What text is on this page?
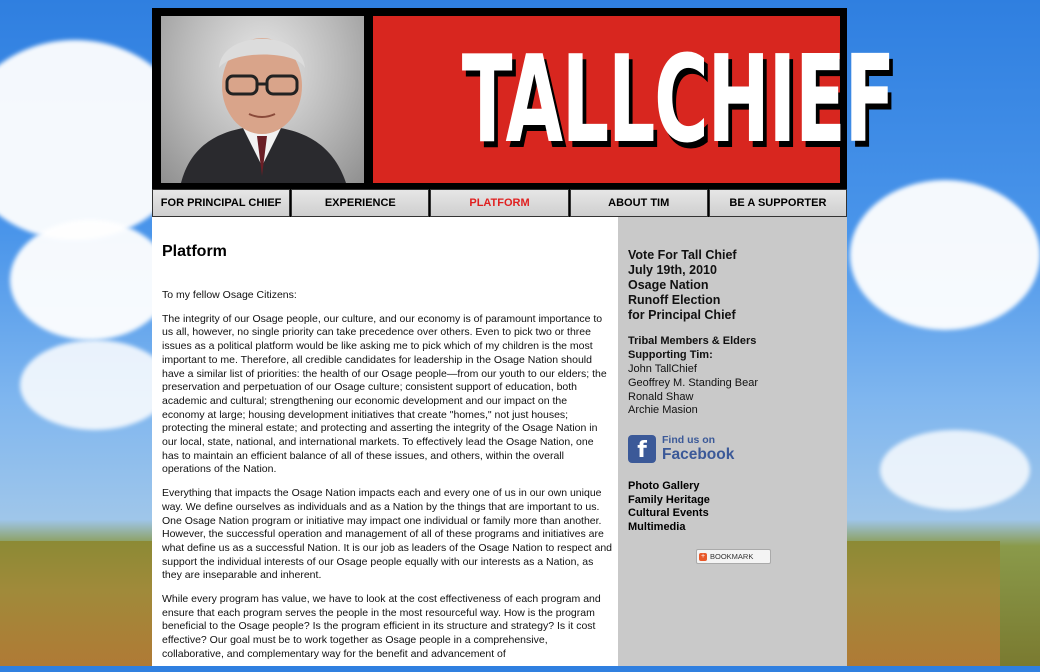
TALLCHIEF
FOR PRINCIPAL CHIEF	EXPERIENCE	PLATFORM	ABOUT TIM	BE A SUPPORTER
Platform

To my fellow Osage Citizens:

The integrity of our Osage people, our culture, and our economy is of paramount importance to us all, however, no single priority can take precedence over others. Even to pick two or three issues as a political platform would be like asking me to pick which of my children is the most important to me. Therefore, all credible candidates for leadership in the Osage Nation should have a similar list of priorities: the health of our Osage people—from our youth to our elders; the preservation and perpetuation of our Osage culture; consistent support of education, both academic and cultural; strengthening our economic development and our impact on the economy at large; housing development initiatives that create "homes," not just houses; protecting the mineral estate; and protecting and asserting the integrity of the Osage Nation in our local, state, national, and international markets. To effectively lead the Osage Nation, one has to maintain an efficient balance of all of these issues, and others, within the overall operations of the Nation.

Everything that impacts the Osage Nation impacts each and every one of us in our own unique way. We define ourselves as individuals and as a Nation by the things that are important to us. One Osage Nation program or initiative may impact one individual or family more than another. However, the successful operation and management of all of these programs and initiatives are what define us as a successful Nation. It is our job as leaders of the Osage Nation to respect and support the individual interests of our Osage people equally with our interests as a Nation, as they are inseparable and inherent.

While every program has value, we have to look at the cost effectiveness of each program and ensure that each program serves the people in the most resourceful way. How is the program beneficial to the Osage people? Is the program efficient in its structure and strategy? Is it cost effective? Our goal must be to work together as Osage people in a comprehensive, collaborative, and complementary way for the benefit and advancement of

Vote For Tall Chief
July 19th, 2010
Osage Nation
Runoff Election
for Principal Chief
Tribal Members & Elders
Supporting Tim:
John TallChief
Geoffrey M. Standing Bear
Ronald Shaw
Archie Masion
f	Find us on
Facebook
Photo Gallery
Family Heritage
Cultural Events
Multimedia
+ BOOKMARK
